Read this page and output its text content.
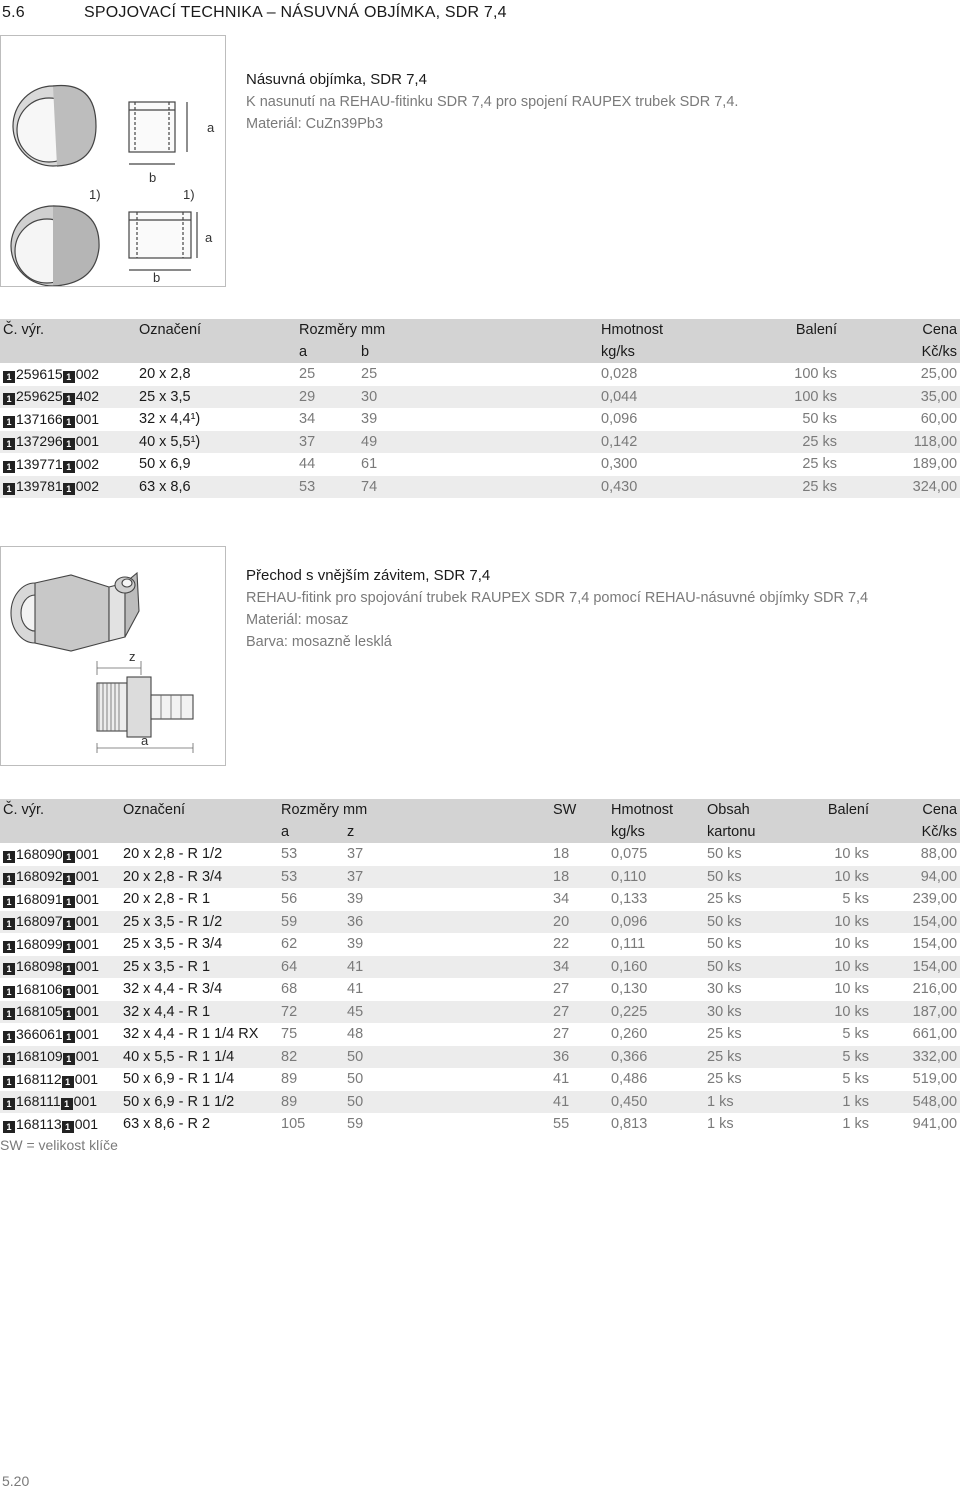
5.6	SPOJOVACÍ TECHNIKA – NÁSUVNÁ OBJÍMKA, SDR 7,4
a
b
1)	1)
a
b
Násuvná objímka, SDR 7,4
K nasunutí na REHAU-fitinku SDR 7,4 pro spojení RAUPEX trubek SDR 7,4.
Materiál: CuZn39Pb3
Č. výr.	Označení	Rozměry mm		Hmotnost	Balení	Cena
		a	b	kg/ks		Kč/ks
1 259615 1 002	20 x 2,8	25	25	0,028	100 ks	25,00
1 259625 1 402	25 x 3,5	29	30	0,044	100 ks	35,00
1 137166 1 001	32 x 4,4¹)	34	39	0,096	50 ks	60,00
1 137296 1 001	40 x 5,5¹)	37	49	0,142	25 ks	118,00
1 139771 1 002	50 x 6,9	44	61	0,300	25 ks	189,00
1 139781 1 002	63 x 8,6	53	74	0,430	25 ks	324,00
z
a
Přechod s vnějším závitem, SDR 7,4
REHAU-fitink pro spojování trubek RAUPEX SDR 7,4 pomocí REHAU-násuvné objímky SDR 7,4
Materiál: mosaz
Barva: mosazně lesklá
Č. výr.	Označení	Rozměry mm		SW	Hmotnost	Obsah	Balení	Cena
		a	z		kg/ks	kartonu		Kč/ks
1 168090 1 001	20 x 2,8 - R 1/2	53	37	18	0,075	50 ks	10 ks	88,00
1 168092 1 001	20 x 2,8 - R 3/4	53	37	18	0,110	50 ks	10 ks	94,00
1 168091 1 001	20 x 2,8 - R 1	56	39	34	0,133	25 ks	5 ks	239,00
1 168097 1 001	25 x 3,5 - R 1/2	59	36	20	0,096	50 ks	10 ks	154,00
1 168099 1 001	25 x 3,5 - R 3/4	62	39	22	0,111	50 ks	10 ks	154,00
1 168098 1 001	25 x 3,5 - R 1	64	41	34	0,160	50 ks	10 ks	154,00
1 168106 1 001	32 x 4,4 - R 3/4	68	41	27	0,130	30 ks	10 ks	216,00
1 168105 1 001	32 x 4,4 - R 1	72	45	27	0,225	30 ks	10 ks	187,00
1 366061 1 001	32 x 4,4 - R 1 1/4 RX	75	48	27	0,260	25 ks	5 ks	661,00
1 168109 1 001	40 x 5,5 - R 1 1/4	82	50	36	0,366	25 ks	5 ks	332,00
1 168112 1 001	50 x 6,9 - R 1 1/4	89	50	41	0,486	25 ks	5 ks	519,00
1 168111 1 001	50 x 6,9 - R 1 1/2	89	50	41	0,450	1 ks	1 ks	548,00
1 168113 1 001	63 x 8,6 - R 2	105	59	55	0,813	1 ks	1 ks	941,00
SW = velikost klíče
5.20
